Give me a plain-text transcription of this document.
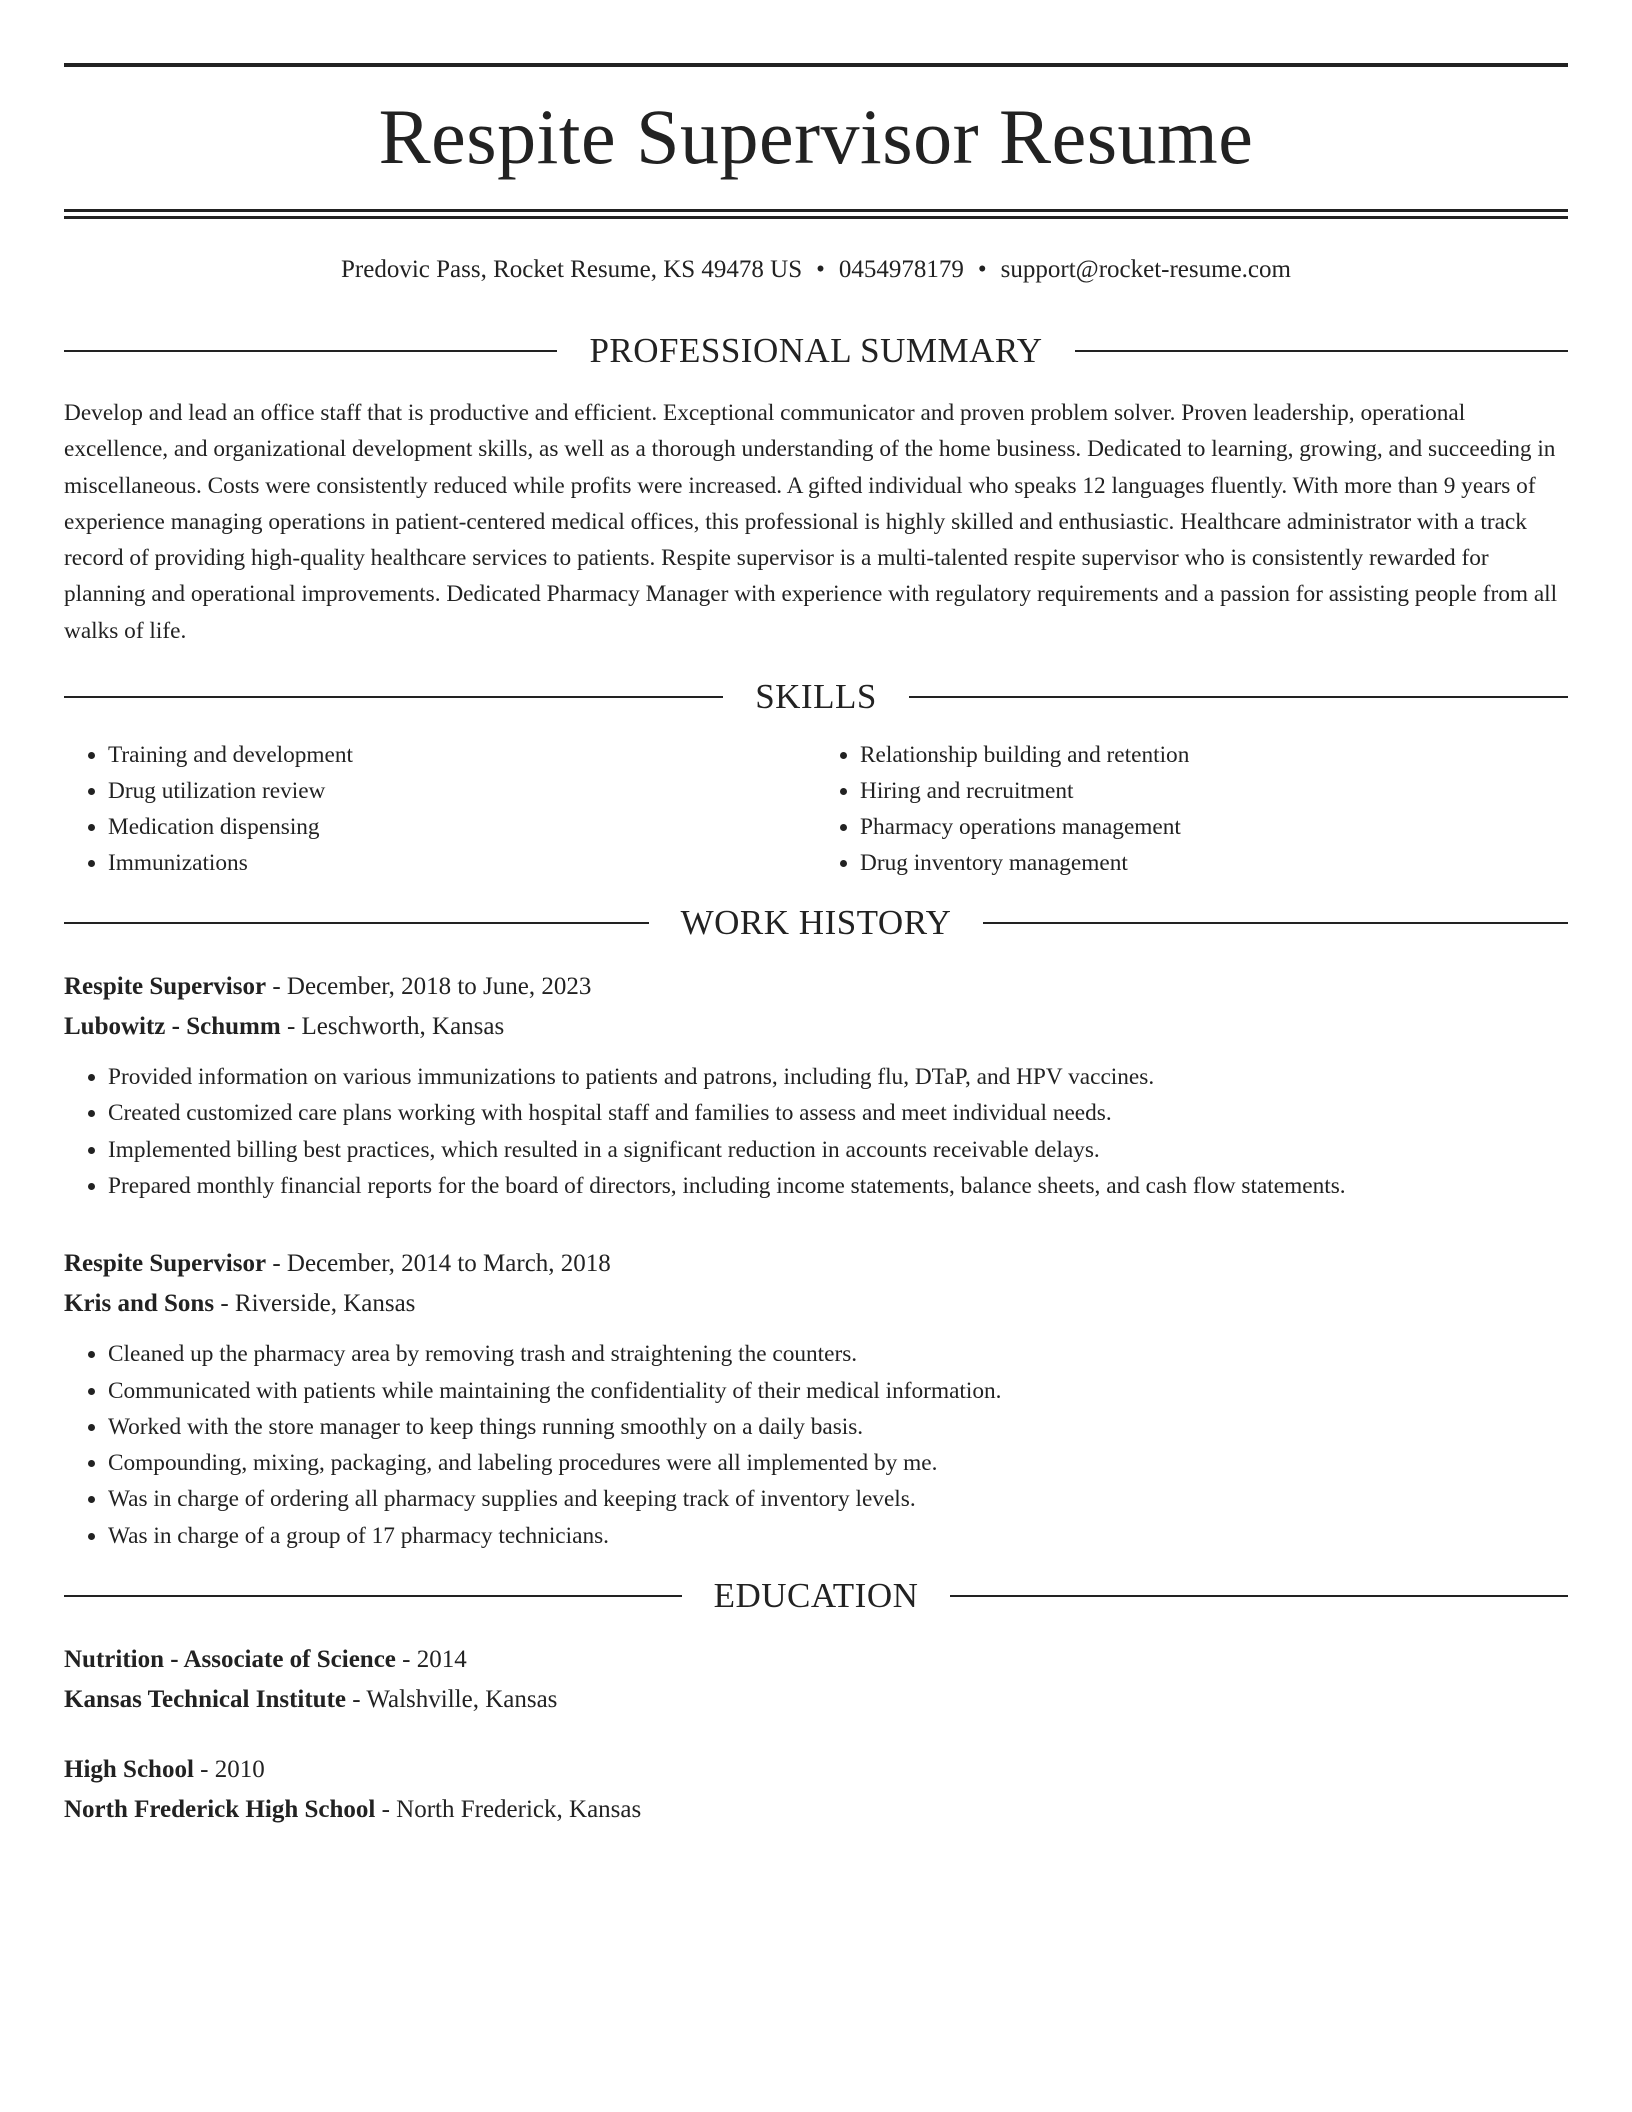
Respite Supervisor Resume
Predovic Pass, Rocket Resume, KS 49478 US • 0454978179 • support@rocket-resume.com
PROFESSIONAL SUMMARY
Develop and lead an office staff that is productive and efficient. Exceptional communicator and proven problem solver. Proven leadership, operational excellence, and organizational development skills, as well as a thorough understanding of the home business. Dedicated to learning, growing, and succeeding in miscellaneous. Costs were consistently reduced while profits were increased. A gifted individual who speaks 12 languages fluently. With more than 9 years of experience managing operations in patient-centered medical offices, this professional is highly skilled and enthusiastic. Healthcare administrator with a track record of providing high-quality healthcare services to patients. Respite supervisor is a multi-talented respite supervisor who is consistently rewarded for planning and operational improvements. Dedicated Pharmacy Manager with experience with regulatory requirements and a passion for assisting people from all walks of life.
SKILLS
• Training and development
• Drug utilization review
• Medication dispensing
• Immunizations
• Relationship building and retention
• Hiring and recruitment
• Pharmacy operations management
• Drug inventory management
WORK HISTORY
Respite Supervisor - December, 2018 to June, 2023
Lubowitz - Schumm - Leschworth, Kansas
• Provided information on various immunizations to patients and patrons, including flu, DTaP, and HPV vaccines.
• Created customized care plans working with hospital staff and families to assess and meet individual needs.
• Implemented billing best practices, which resulted in a significant reduction in accounts receivable delays.
• Prepared monthly financial reports for the board of directors, including income statements, balance sheets, and cash flow statements.
Respite Supervisor - December, 2014 to March, 2018
Kris and Sons - Riverside, Kansas
• Cleaned up the pharmacy area by removing trash and straightening the counters.
• Communicated with patients while maintaining the confidentiality of their medical information.
• Worked with the store manager to keep things running smoothly on a daily basis.
• Compounding, mixing, packaging, and labeling procedures were all implemented by me.
• Was in charge of ordering all pharmacy supplies and keeping track of inventory levels.
• Was in charge of a group of 17 pharmacy technicians.
EDUCATION
Nutrition - Associate of Science - 2014
Kansas Technical Institute - Walshville, Kansas
High School - 2010
North Frederick High School - North Frederick, Kansas
